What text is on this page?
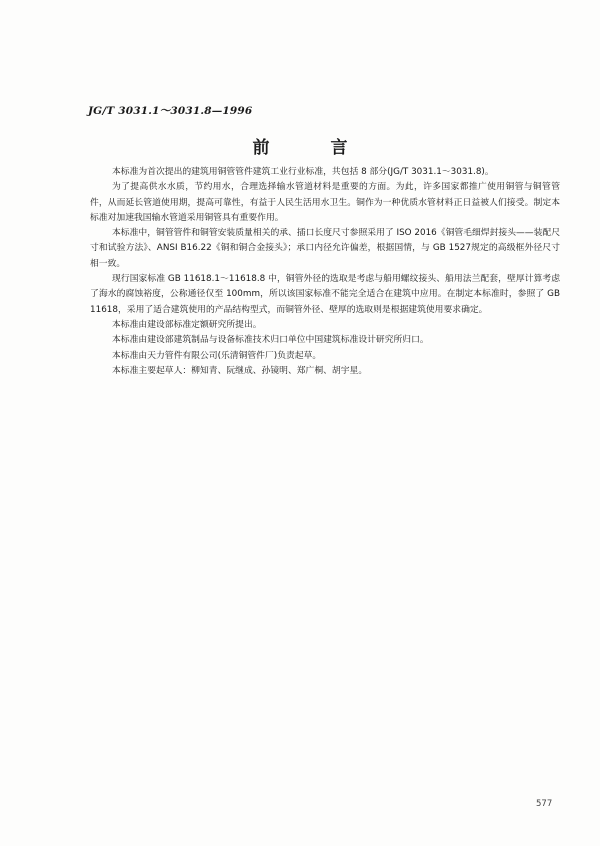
JG/T 3031.1～3031.8—1996
前　言

本标准为首次提出的建筑用铜管管件建筑工业行业标准，共包括 8 部分(JG/T 3031.1～3031.8)。

为了提高供水水质，节约用水，合理选择输水管道材料是重要的方面。为此，许多国家都推广使用铜管与铜管管件，从而延长管道使用期，提高可靠性，有益于人民生活用水卫生。铜作为一种优质水管材料正日益被人们接受。制定本标准对加速我国输水管道采用铜管具有重要作用。

本标准中，铜管管件和铜管安装质量相关的承、插口长度尺寸参照采用了 ISO 2016《铜管毛细焊封接头——装配尺寸和试验方法》、ANSI B16.22《铜和铜合金接头》；承口内径允许偏差，根据国情，与 GB 1527规定的高级框外径尺寸相一致。

现行国家标准 GB 11618.1～11618.8 中，铜管外径的选取是考虑与船用螺纹接头、船用法兰配套，壁厚计算考虑了海水的腐蚀裕度，公称通径仅至 100mm，所以该国家标准不能完全适合在建筑中应用。在制定本标准时，参照了 GB 11618，采用了适合建筑使用的产品结构型式，而铜管外径、壁厚的选取则是根据建筑使用要求确定。

本标准由建设部标准定额研究所提出。

本标准由建设部建筑制品与设备标准技术归口单位中国建筑标准设计研究所归口。

本标准由天力管件有限公司(乐清铜管件厂)负责起草。

本标准主要起草人：柳知青、阮继成、孙镜明、郑广桐、胡宇星。

577
